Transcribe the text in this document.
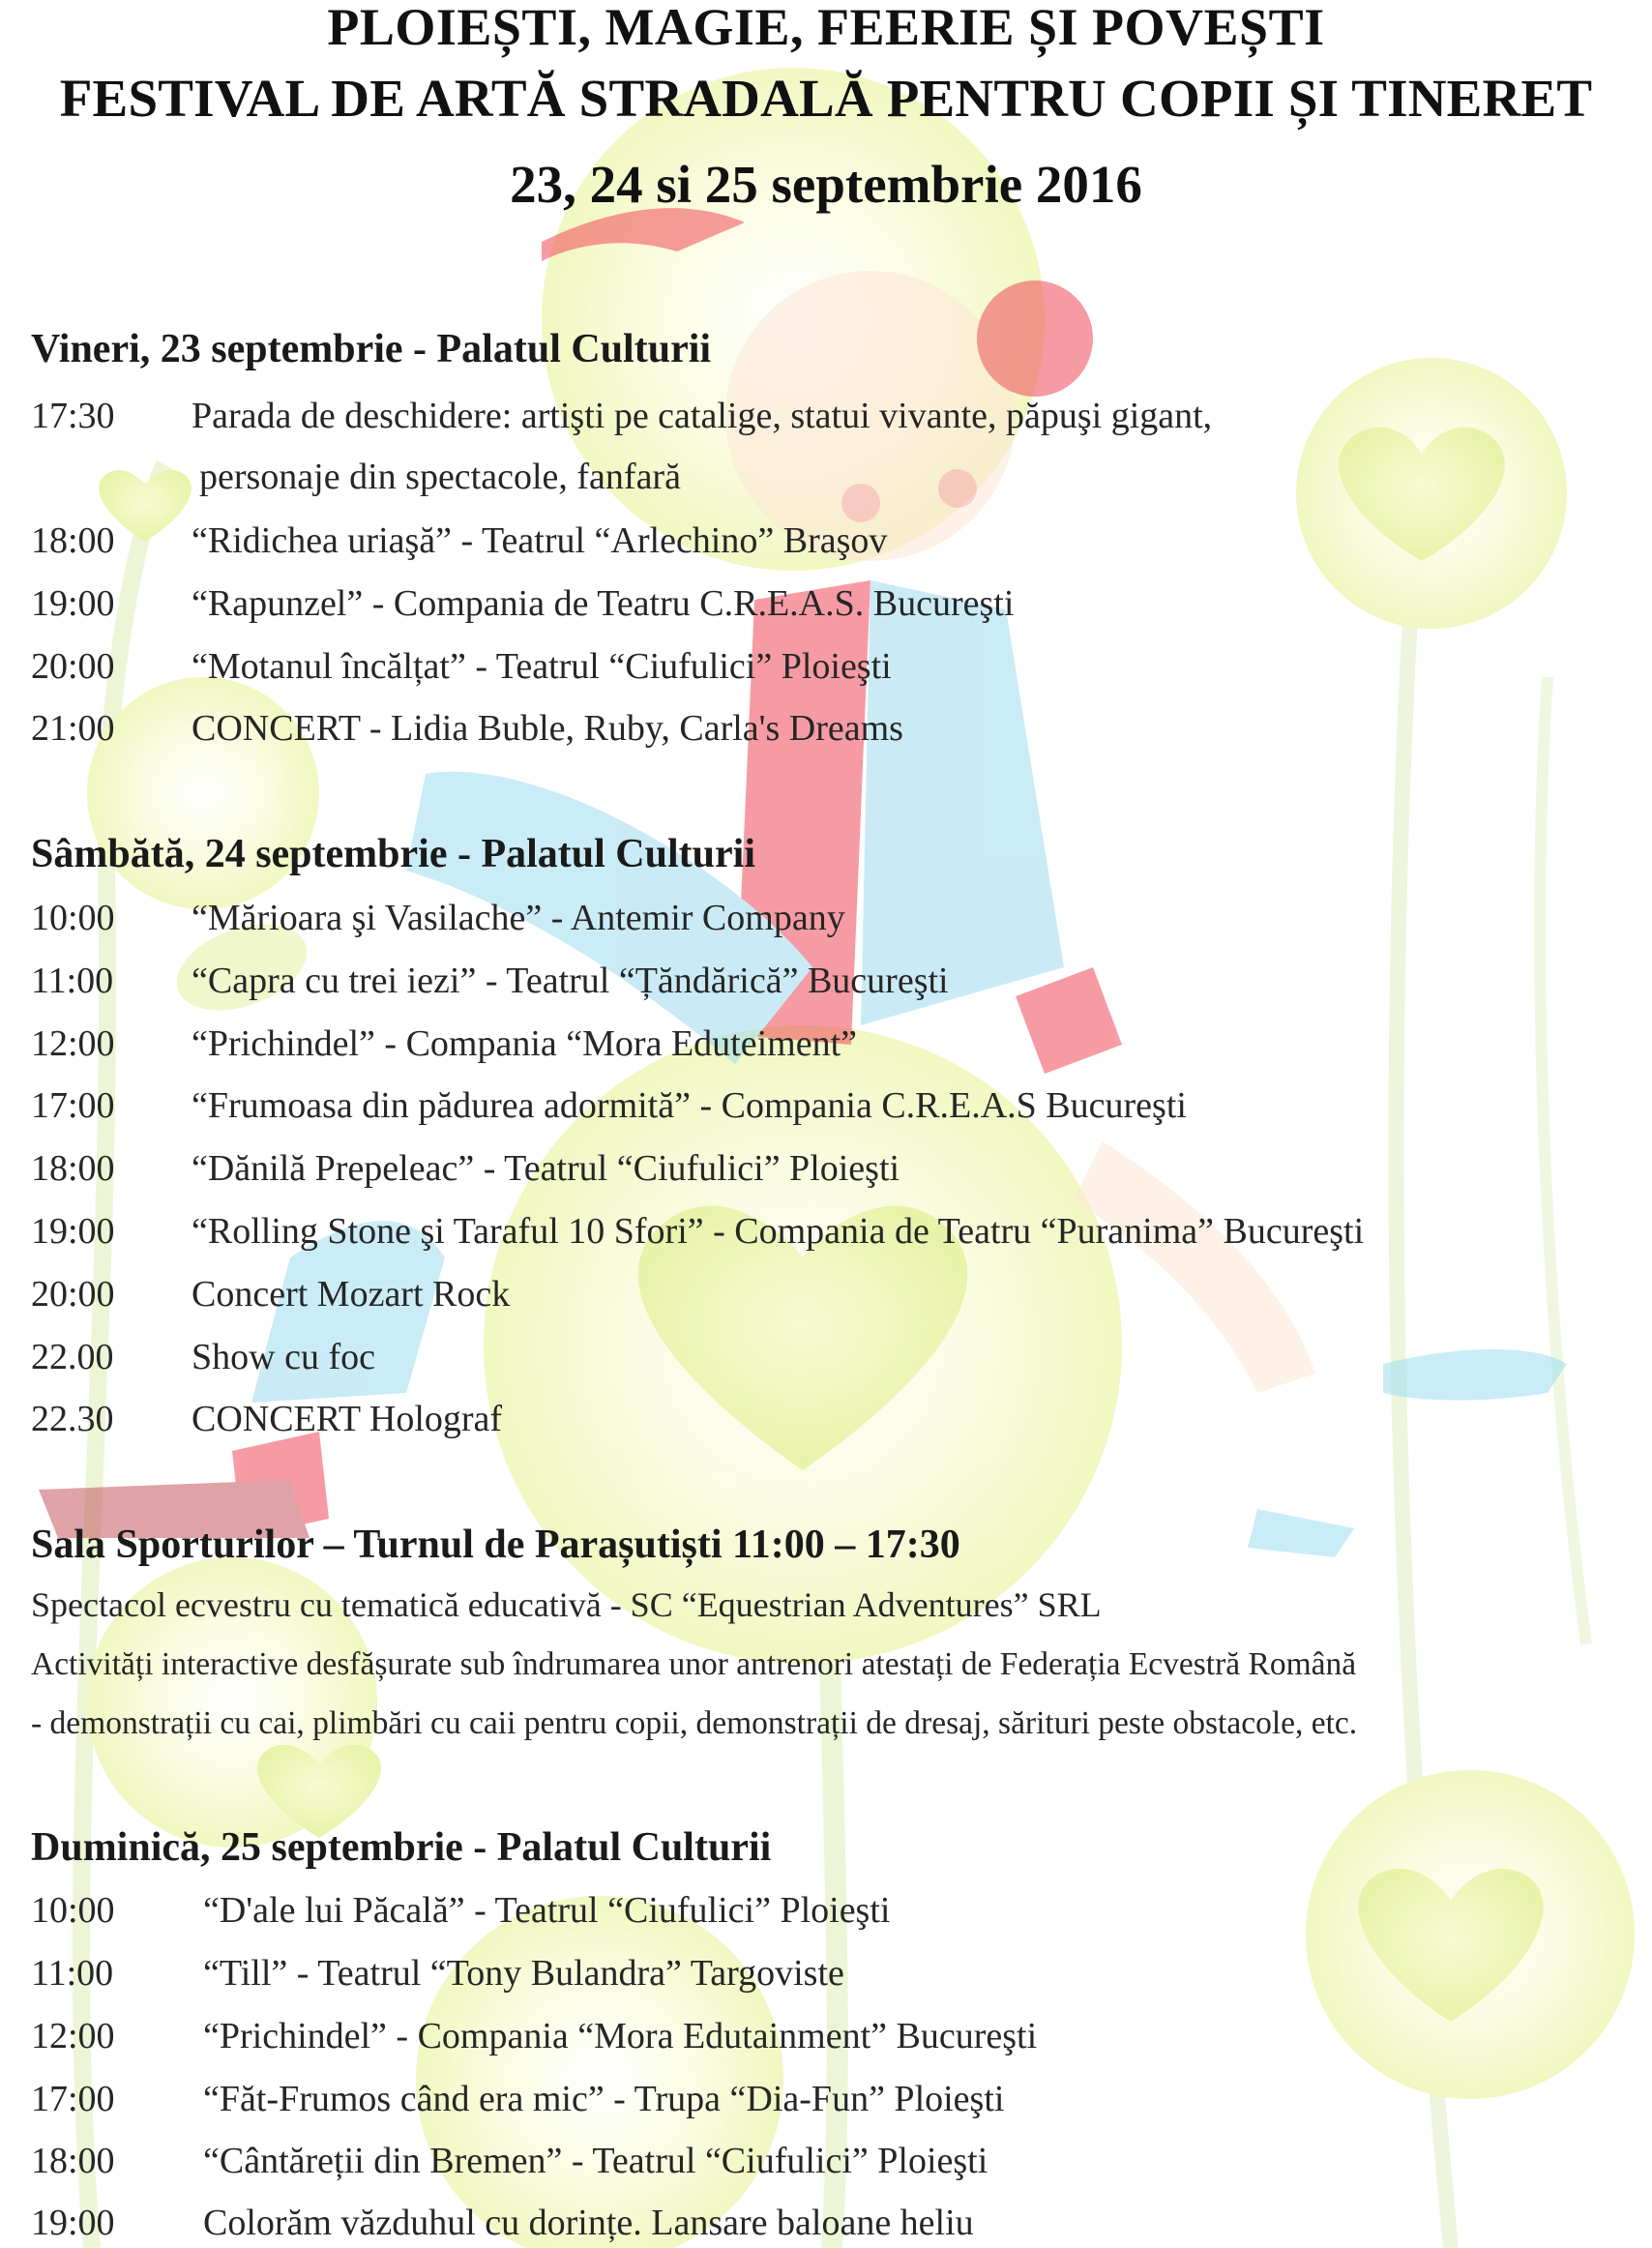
PLOIEȘTI, MAGIE, FEERIE ȘI POVEȘTI
FESTIVAL DE ARTĂ STRADALĂ PENTRU COPII ȘI TINERET
23, 24 si 25 septembrie 2016
Vineri, 23 septembrie - Palatul Culturii
17:30 Parada de deschidere: artişti pe catalige, statui vivante, păpuşi gigant,
personaje din spectacole, fanfară
18:00 “Ridichea uriaşă” - Teatrul “Arlechino” Braşov
19:00 “Rapunzel” - Compania de Teatru C.R.E.A.S. Bucureşti
20:00 “Motanul încălțat” - Teatrul “Ciufulici” Ploieşti
21:00 CONCERT - Lidia Buble, Ruby, Carla's Dreams
Sâmbătă, 24 septembrie - Palatul Culturii
10:00 “Mărioara şi Vasilache” - Antemir Company
11:00 “Capra cu trei iezi” - Teatrul “Țăndărică” Bucureşti
12:00 “Prichindel” - Compania “Mora Eduteiment”
17:00 “Frumoasa din pădurea adormită” - Compania C.R.E.A.S Bucureşti
18:00 “Dănilă Prepeleac” - Teatrul “Ciufulici” Ploieşti
19:00 “Rolling Stone şi Taraful 10 Sfori” - Compania de Teatru “Puranima” Bucureşti
20:00 Concert Mozart Rock
22.00 Show cu foc
22.30 CONCERT Holograf
Sala Sporturilor – Turnul de Parașutiști 11:00 – 17:30
Spectacol ecvestru cu tematică educativă - SC “Equestrian Adventures” SRL
Activități interactive desfășurate sub îndrumarea unor antrenori atestați de Federația Ecvestră Română
- demonstrații cu cai, plimbări cu caii pentru copii, demonstrații de dresaj, sărituri peste obstacole, etc.
Duminică, 25 septembrie - Palatul Culturii
10:00 “D'ale lui Păcală” - Teatrul “Ciufulici” Ploieşti
11:00 “Till” - Teatrul “Tony Bulandra” Targoviste
12:00 “Prichindel” - Compania “Mora Edutainment” Bucureşti
17:00 “Făt-Frumos când era mic” - Trupa “Dia-Fun” Ploieşti
18:00 “Cântăreții din Bremen” - Teatrul “Ciufulici” Ploieşti
19:00 Colorăm văzduhul cu dorințe. Lansare baloane heliu
